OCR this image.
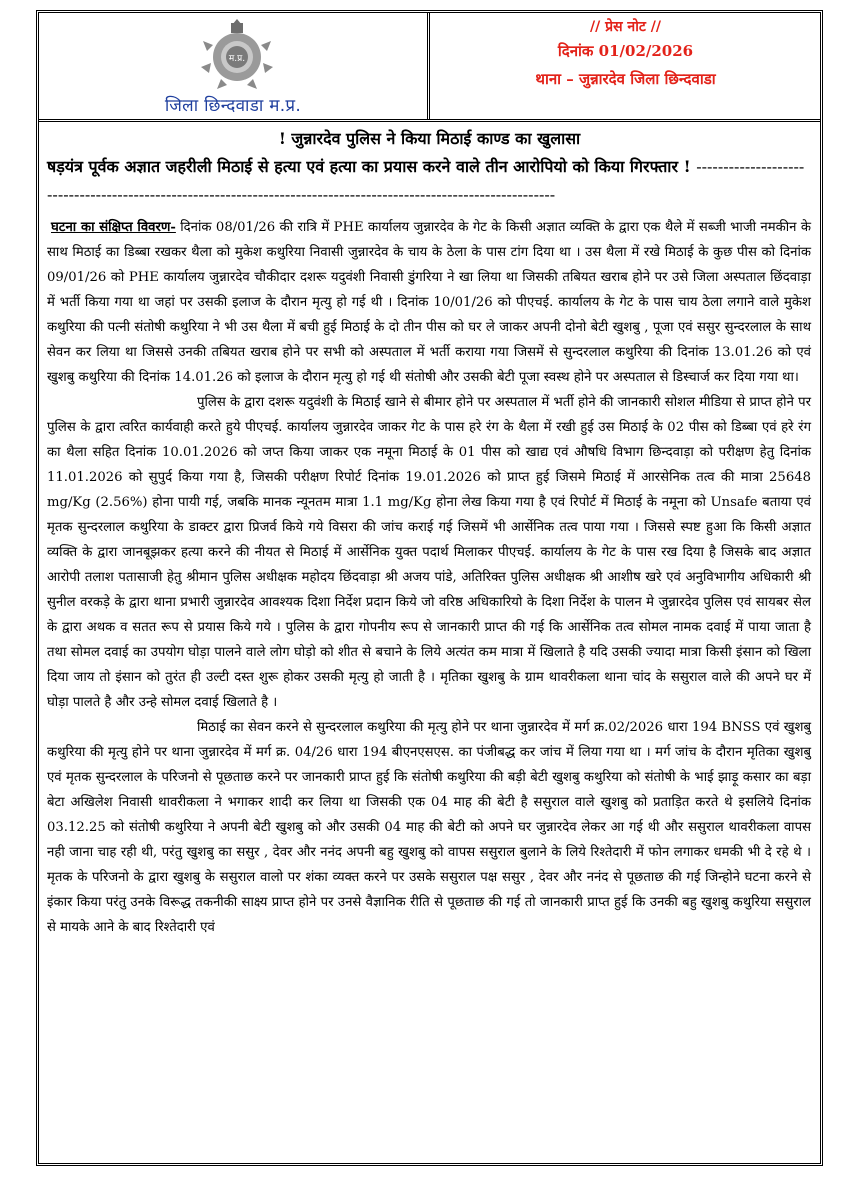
म.प्र.
जिला छिन्दवाडा म.प्र.
// प्रेस नोट //
दिनांक 01/02/2026
थाना – जुन्नारदेव जिला छिन्दवाडा
! जुन्नारदेव पुलिस ने किया मिठाई काण्ड का खुलासा
षड़यंत्र पूर्वक अज्ञात जहरीली मिठाई से हत्या एवं हत्या का प्रयास करने वाले तीन आरोपियो को किया गिरफ्तार ! ------------------------------------------------------------------------------------------------------------------

घटना का संक्षिप्त विवरण- दिनांक 08/01/26 की रात्रि में PHE कार्यालय जुन्नारदेव के गेट के किसी अज्ञात व्यक्ति के द्वारा एक थैले में सब्जी भाजी नमकीन के साथ मिठाई का डिब्बा रखकर थैला को मुकेश कथुरिया निवासी जुन्नारदेव के चाय के ठेला के पास टांग दिया था । उस थैला में रखे मिठाई के कुछ पीस को दिनांक 09/01/26 को PHE कार्यालय जुन्नारदेव चौकीदार दशरू यदुवंशी निवासी डुंगरिया ने खा लिया था जिसकी तबियत खराब होने पर उसे जिला अस्पताल छिंदवाड़ा में भर्ती किया गया था जहां पर उसकी इलाज के दौरान मृत्यु हो गई थी । दिनांक 10/01/26 को पीएचई. कार्यालय के गेट के पास चाय ठेला लगाने वाले मुकेश कथुरिया की पत्नी संतोषी कथुरिया ने भी उस थैला में बची हुई मिठाई के दो तीन पीस को घर ले जाकर अपनी दोनो बेटी खुशबु , पूजा एवं ससुर सुन्दरलाल के साथ सेवन कर लिया था जिससे उनकी तबियत खराब होने पर सभी को अस्पताल में भर्ती कराया गया जिसमें से सुन्दरलाल कथुरिया की दिनांक 13.01.26 को एवं खुशबु कथुरिया की दिनांक 14.01.26 को इलाज के दौरान मृत्यु हो गई थी संतोषी और उसकी बेटी पूजा स्वस्थ होने पर अस्पताल से डिस्चार्ज कर दिया गया था।

पुलिस के द्वारा दशरू यदुवंशी के मिठाई खाने से बीमार होने पर अस्पताल में भर्ती होने की जानकारी सोशल मीडिया से प्राप्त होने पर पुलिस के द्वारा त्वरित कार्यवाही करते हुये पीएचई. कार्यालय जुन्नारदेव जाकर गेट के पास हरे रंग के थैला में रखी हुई उस मिठाई के 02 पीस को डिब्बा एवं हरे रंग का थैला सहित दिनांक 10.01.2026 को जप्त किया जाकर एक नमूना मिठाई के 01 पीस को खाद्य एवं औषधि विभाग छिन्दवाड़ा को परीक्षण हेतु दिनांक 11.01.2026 को सुपुर्द किया गया है, जिसकी परीक्षण रिपोर्ट दिनांक 19.01.2026 को प्राप्त हुई जिसमे मिठाई में आरसेनिक तत्व की मात्रा 25648 mg/Kg (2.56%) होना पायी गई, जबकि मानक न्यूनतम मात्रा 1.1 mg/Kg होना लेख किया गया है एवं रिपोर्ट में मिठाई के नमूना को Unsafe बताया एवं मृतक सुन्दरलाल कथुरिया के डाक्टर द्वारा प्रिजर्व किये गये विसरा की जांच कराई गई जिसमें भी आर्सेनिक तत्व पाया गया । जिससे स्पष्ट हुआ कि किसी अज्ञात व्यक्ति के द्वारा जानबूझकर हत्या करने की नीयत से मिठाई में आर्सेनिक युक्त पदार्थ मिलाकर पीएचई. कार्यालय के गेट के पास रख दिया है जिसके बाद अज्ञात आरोपी तलाश पतासाजी हेतु श्रीमान पुलिस अधीक्षक महोदय छिंदवाड़ा श्री अजय पांडे, अतिरिक्त पुलिस अधीक्षक श्री आशीष खरे एवं अनुविभागीय अधिकारी श्री सुनील वरकड़े के द्वारा थाना प्रभारी जुन्नारदेव आवश्यक दिशा निर्देश प्रदान किये जो वरिष्ठ अधिकारियो के दिशा निर्देश के पालन मे जुन्नारदेव पुलिस एवं सायबर सेल के द्वारा अथक व सतत रूप से प्रयास किये गये । पुलिस के द्वारा गोपनीय रूप से जानकारी प्राप्त की गई कि आर्सेनिक तत्व सोमल नामक दवाई में पाया जाता है तथा सोमल दवाई का उपयोग घोड़ा पालने वाले लोग घोड़ो को शीत से बचाने के लिये अत्यंत कम मात्रा में खिलाते है यदि उसकी ज्यादा मात्रा किसी इंसान को खिला दिया जाय तो इंसान को तुरंत ही उल्टी दस्त शुरू होकर उसकी मृत्यु हो जाती है । मृतिका खुशबु के ग्राम थावरीकला थाना चांद के ससुराल वाले की अपने घर में घोड़ा पालते है और उन्हे सोमल दवाई खिलाते है ।

मिठाई का सेवन करने से सुन्दरलाल कथुरिया की मृत्यु होने पर थाना जुन्नारदेव में मर्ग क्र.02/2026 धारा 194 BNSS एवं खुशबु कथुरिया की मृत्यु होने पर थाना जुन्नारदेव में मर्ग क्र. 04/26 धारा 194 बीएनएसएस. का पंजीबद्ध कर जांच में लिया गया था । मर्ग जांच के दौरान मृतिका खुशबु एवं मृतक सुन्दरलाल के परिजनो से पूछताछ करने पर जानकारी प्राप्त हुई कि संतोषी कथुरिया की बड़ी बेटी खुशबु कथुरिया को संतोषी के भाई झाड़ू कसार का बड़ा बेटा अखिलेश निवासी थावरीकला ने भगाकर शादी कर लिया था जिसकी एक 04 माह की बेटी है ससुराल वाले खुशबु को प्रताड़ित करते थे इसलिये दिनांक 03.12.25 को संतोषी कथुरिया ने अपनी बेटी खुशबु को और उसकी 04 माह की बेटी को अपने घर जुन्नारदेव लेकर आ गई थी और ससुराल थावरीकला वापस नही जाना चाह रही थी, परंतु खुशबु का ससुर , देवर और ननंद अपनी बहु खुशबु को वापस ससुराल बुलाने के लिये रिश्तेदारी में फोन लगाकर धमकी भी दे रहे थे । मृतक के परिजनो के द्वारा खुशबु के ससुराल वालो पर शंका व्यक्त करने पर उसके ससुराल पक्ष ससुर , देवर और ननंद से पूछताछ की गई जिन्होने घटना करने से इंकार किया परंतु उनके विरूद्ध तकनीकी साक्ष्य प्राप्त होने पर उनसे वैज्ञानिक रीति से पूछताछ की गई तो जानकारी प्राप्त हुई कि उनकी बहु खुशबु कथुरिया ससुराल से मायके आने के बाद रिश्तेदारी एवं
